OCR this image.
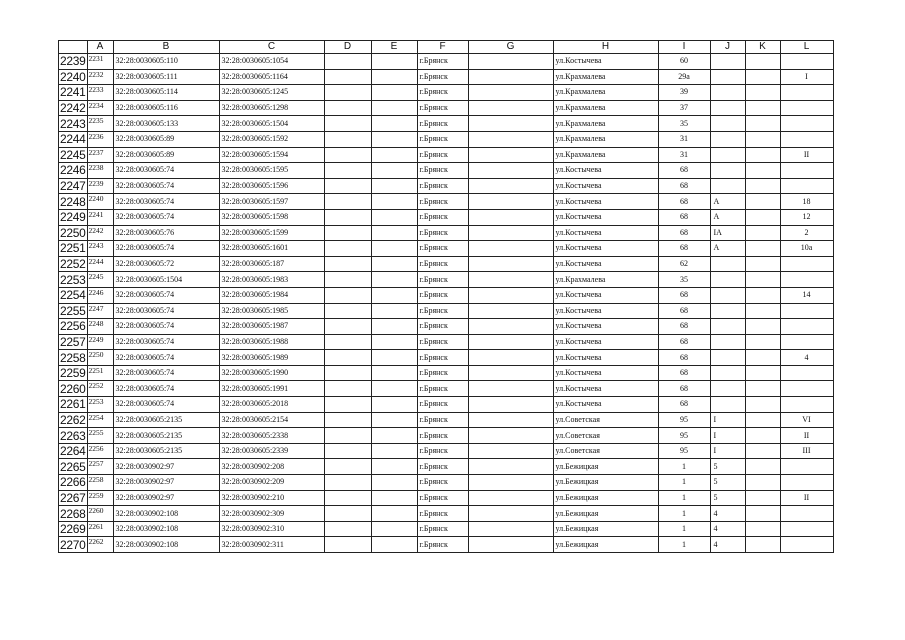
	A	B	C	D	E	F	G	H	I	J	K	L
2239	2231	32:28:0030605:110	32:28:0030605:1054			г.Брянск		ул.Костычева	60			
2240	2232	32:28:0030605:111	32:28:0030605:1164			г.Брянск		ул.Крахмалева	29а			I
2241	2233	32:28:0030605:114	32:28:0030605:1245			г.Брянск		ул.Крахмалева	39			
2242	2234	32:28:0030605:116	32:28:0030605:1298			г.Брянск		ул.Крахмалева	37			
2243	2235	32:28:0030605:133	32:28:0030605:1504			г.Брянск		ул.Крахмалева	35			
2244	2236	32:28:0030605:89	32:28:0030605:1592			г.Брянск		ул.Крахмалева	31			
2245	2237	32:28:0030605:89	32:28:0030605:1594			г.Брянск		ул.Крахмалева	31			II
2246	2238	32:28:0030605:74	32:28:0030605:1595			г.Брянск		ул.Костычева	68			
2247	2239	32:28:0030605:74	32:28:0030605:1596			г.Брянск		ул.Костычева	68			
2248	2240	32:28:0030605:74	32:28:0030605:1597			г.Брянск		ул.Костычева	68	А		18
2249	2241	32:28:0030605:74	32:28:0030605:1598			г.Брянск		ул.Костычева	68	А		12
2250	2242	32:28:0030605:76	32:28:0030605:1599			г.Брянск		ул.Костычева	68	IA		2
2251	2243	32:28:0030605:74	32:28:0030605:1601			г.Брянск		ул.Костычева	68	А		10а
2252	2244	32:28:0030605:72	32:28:0030605:187			г.Брянск		ул.Костычева	62			
2253	2245	32:28:0030605:1504	32:28:0030605:1983			г.Брянск		ул.Крахмалева	35			
2254	2246	32:28:0030605:74	32:28:0030605:1984			г.Брянск		ул.Костычева	68			14
2255	2247	32:28:0030605:74	32:28:0030605:1985			г.Брянск		ул.Костычева	68			
2256	2248	32:28:0030605:74	32:28:0030605:1987			г.Брянск		ул.Костычева	68			
2257	2249	32:28:0030605:74	32:28:0030605:1988			г.Брянск		ул.Костычева	68			
2258	2250	32:28:0030605:74	32:28:0030605:1989			г.Брянск		ул.Костычева	68			4
2259	2251	32:28:0030605:74	32:28:0030605:1990			г.Брянск		ул.Костычева	68			
2260	2252	32:28:0030605:74	32:28:0030605:1991			г.Брянск		ул.Костычева	68			
2261	2253	32:28:0030605:74	32:28:0030605:2018			г.Брянск		ул.Костычева	68			
2262	2254	32:28:0030605:2135	32:28:0030605:2154			г.Брянск		ул.Советская	95	I		VI
2263	2255	32:28:0030605:2135	32:28:0030605:2338			г.Брянск		ул.Советская	95	I		II
2264	2256	32:28:0030605:2135	32:28:0030605:2339			г.Брянск		ул.Советская	95	I		III
2265	2257	32:28:0030902:97	32:28:0030902:208			г.Брянск		ул.Бежицкая	1	5		
2266	2258	32:28:0030902:97	32:28:0030902:209			г.Брянск		ул.Бежицкая	1	5		
2267	2259	32:28:0030902:97	32:28:0030902:210			г.Брянск		ул.Бежицкая	1	5		II
2268	2260	32:28:0030902:108	32:28:0030902:309			г.Брянск		ул.Бежицкая	1	4		
2269	2261	32:28:0030902:108	32:28:0030902:310			г.Брянск		ул.Бежицкая	1	4		
2270	2262	32:28:0030902:108	32:28:0030902:311			г.Брянск		ул.Бежицкая	1	4		
